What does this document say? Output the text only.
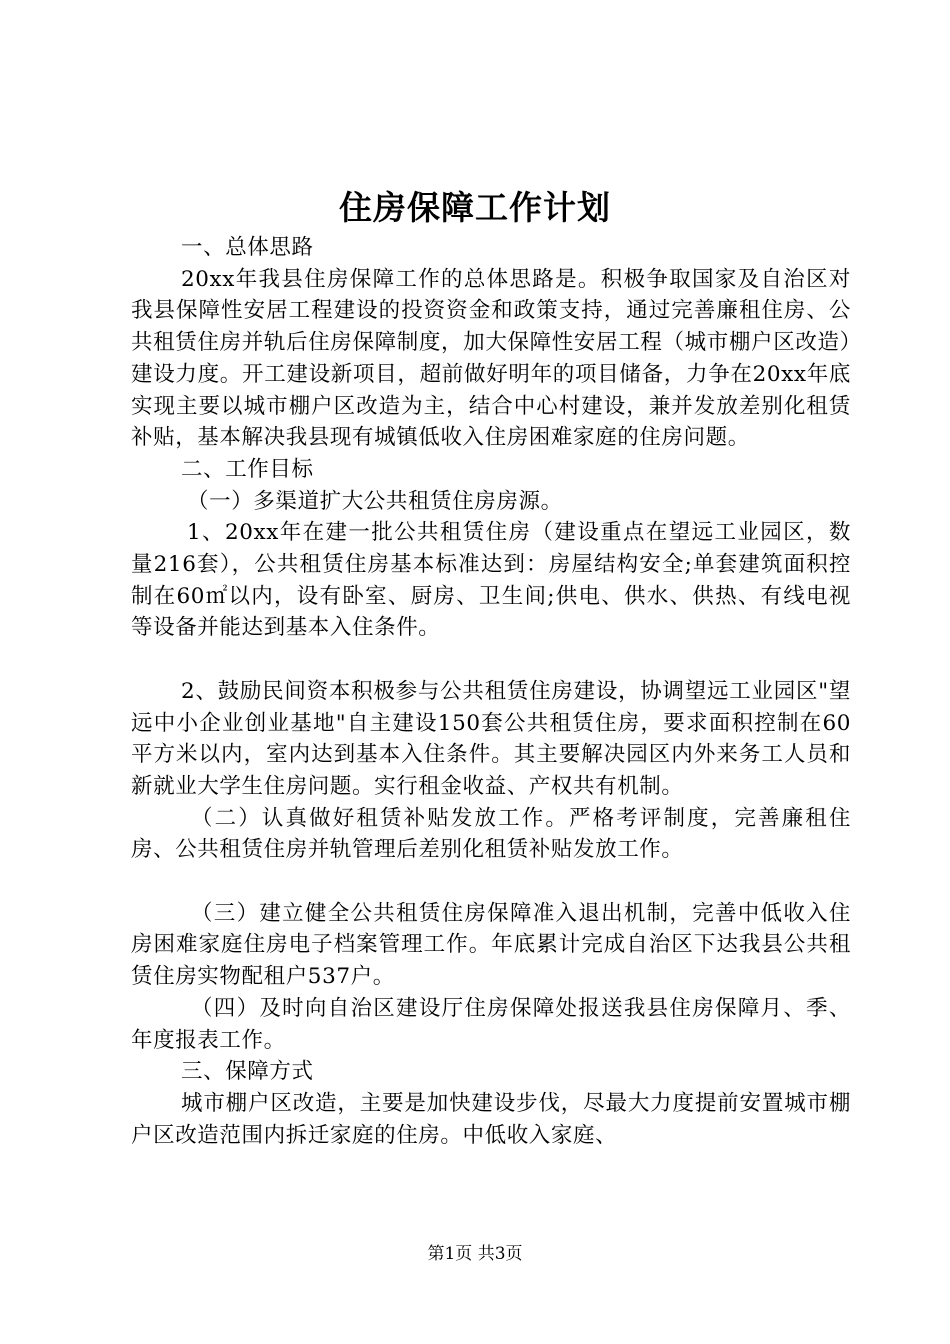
住房保障工作计划

一、总体思路

20xx年我县住房保障工作的总体思路是。积极争取国家及自治区对我县保障性安居工程建设的投资资金和政策支持，通过完善廉租住房、公共租赁住房并轨后住房保障制度，加大保障性安居工程（城市棚户区改造）建设力度。开工建设新项目，超前做好明年的项目储备，力争在20xx年底实现主要以城市棚户区改造为主，结合中心村建设，兼并发放差别化租赁补贴，基本解决我县现有城镇低收入住房困难家庭的住房问题。

二、工作目标

（一）多渠道扩大公共租赁住房房源。

1、20xx年在建一批公共租赁住房（建设重点在望远工业园区，数量216套），公共租赁住房基本标准达到：房屋结构安全;单套建筑面积控制在60㎡以内，设有卧室、厨房、卫生间;供电、供水、供热、有线电视等设备并能达到基本入住条件。

2、鼓励民间资本积极参与公共租赁住房建设，协调望远工业园区"望远中小企业创业基地"自主建设150套公共租赁住房，要求面积控制在60平方米以内，室内达到基本入住条件。其主要解决园区内外来务工人员和新就业大学生住房问题。实行租金收益、产权共有机制。

（二）认真做好租赁补贴发放工作。严格考评制度，完善廉租住房、公共租赁住房并轨管理后差别化租赁补贴发放工作。

（三）建立健全公共租赁住房保障准入退出机制，完善中低收入住房困难家庭住房电子档案管理工作。年底累计完成自治区下达我县公共租赁住房实物配租户537户。

（四）及时向自治区建设厅住房保障处报送我县住房保障月、季、年度报表工作。

三、保障方式

城市棚户区改造，主要是加快建设步伐，尽最大力度提前安置城市棚户区改造范围内拆迁家庭的住房。中低收入家庭、

第1页 共3页
